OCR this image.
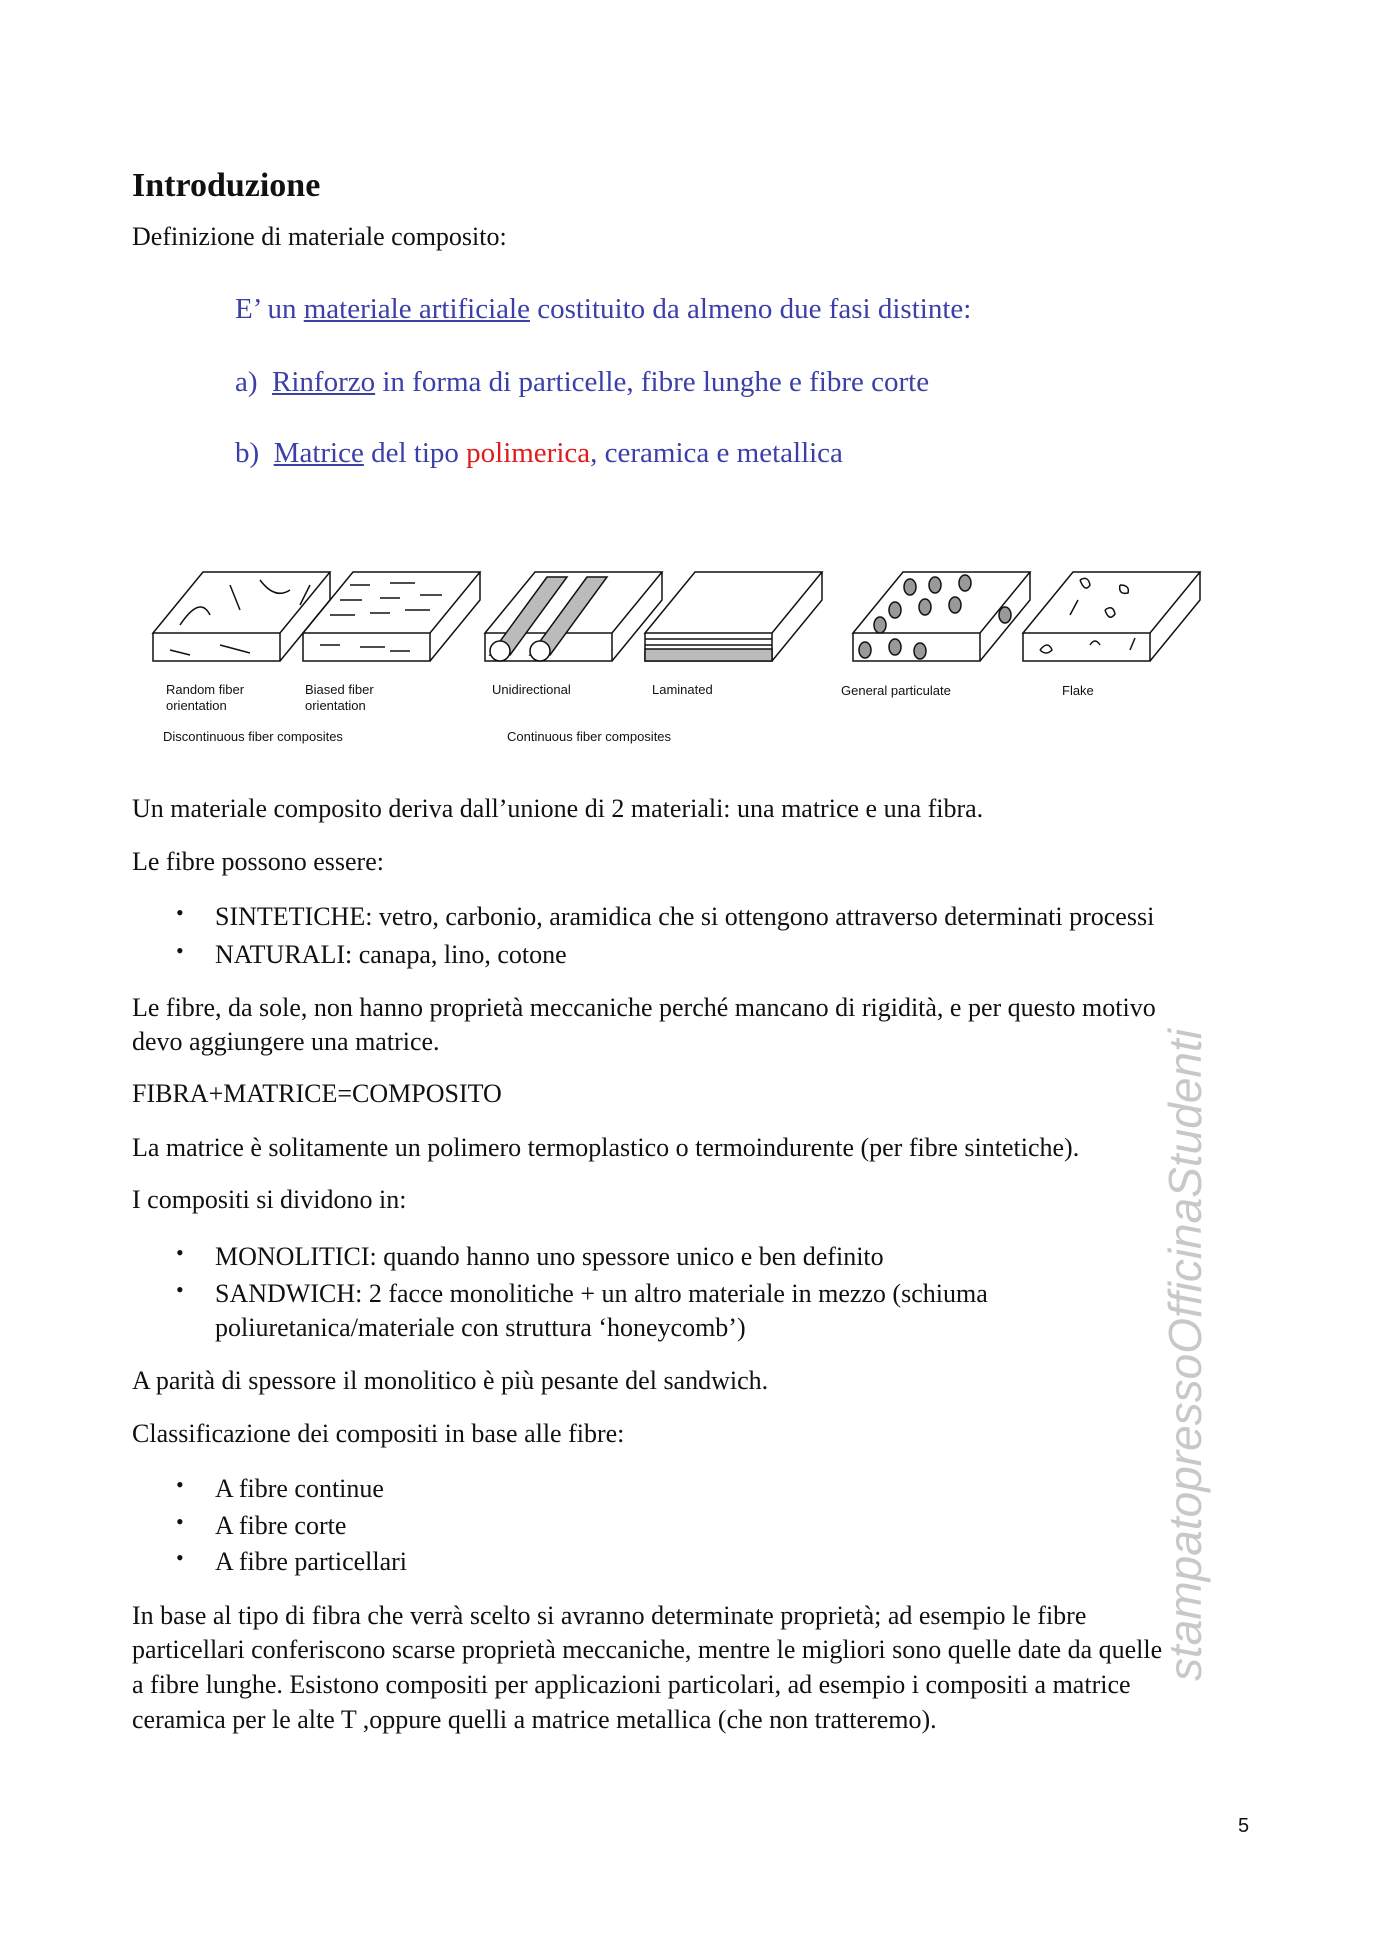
Introduzione
Definizione di materiale composito:
E’ un materiale artificiale costituito da almeno due fasi distinte:
a) Rinforzo in forma di particelle, fibre lunghe e fibre corte
b) Matrice del tipo polimerica, ceramica e metallica
Random fiber orientation
Biased fiber orientation
Unidirectional	Laminated	General particulate	Flake
Discontinuous fiber composites	Continuous fiber composites
Un materiale composito deriva dall’unione di 2 materiali: una matrice e una fibra.
Le fibre possono essere:
• SINTETICHE: vetro, carbonio, aramidica che si ottengono attraverso determinati processi
• NATURALI: canapa, lino, cotone
Le fibre, da sole, non hanno proprietà meccaniche perché mancano di rigidità, e per questo motivo
devo aggiungere una matrice.
FIBRA+MATRICE=COMPOSITO
La matrice è solitamente un polimero termoplastico o termoindurente (per fibre sintetiche).
I compositi si dividono in:
• MONOLITICI: quando hanno uno spessore unico e ben definito
• SANDWICH: 2 facce monolitiche + un altro materiale in mezzo (schiuma
poliuretanica/materiale con struttura ‘honeycomb’)
A parità di spessore il monolitico è più pesante del sandwich.
Classificazione dei compositi in base alle fibre:
• A fibre continue
• A fibre corte
• A fibre particellari
In base al tipo di fibra che verrà scelto si avranno determinate proprietà; ad esempio le fibre
particellari conferiscono scarse proprietà meccaniche, mentre le migliori sono quelle date da quelle
a fibre lunghe. Esistono compositi per applicazioni particolari, ad esempio i compositi a matrice
ceramica per le alte T ,oppure quelli a matrice metallica (che non tratteremo).
stampatopressoOfficinaStudenti
5
